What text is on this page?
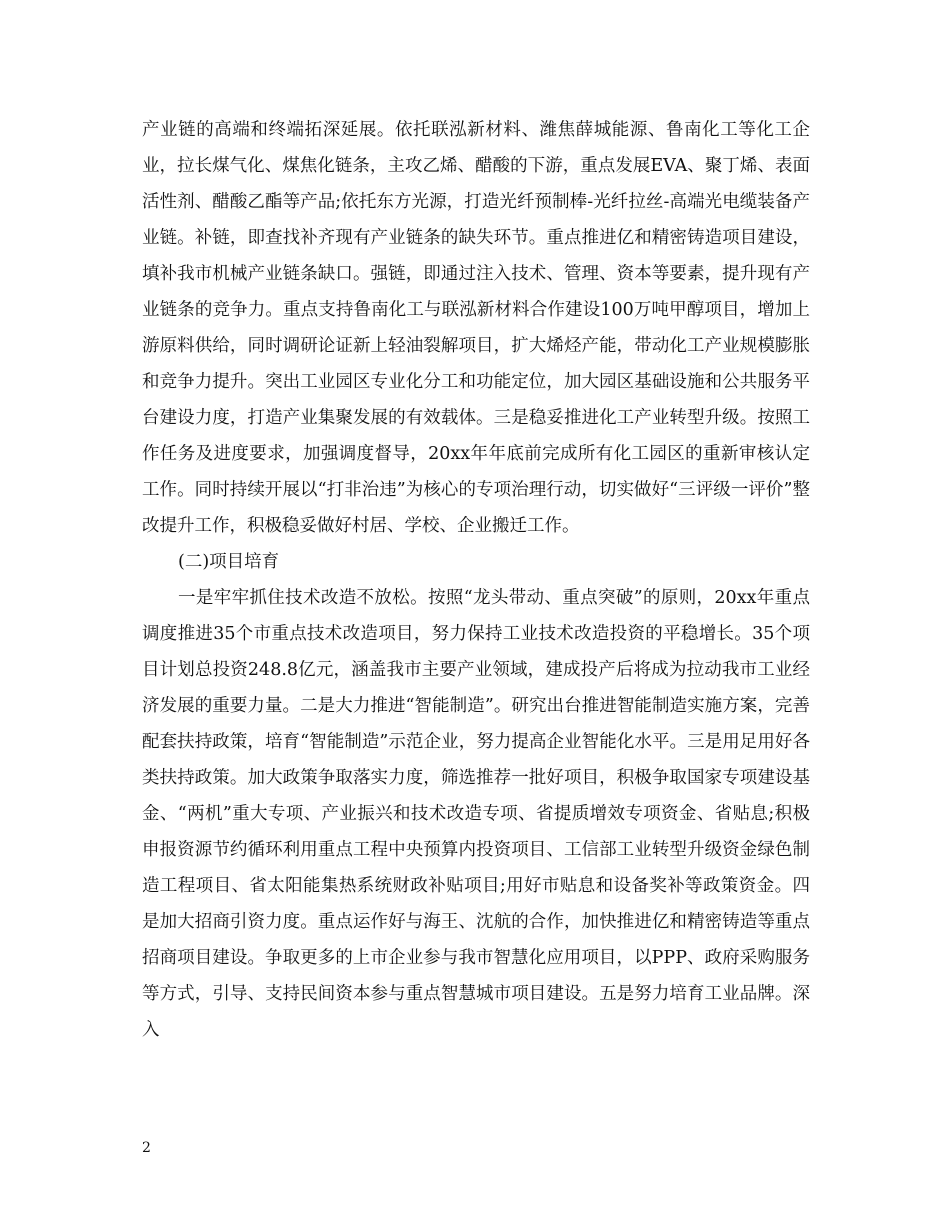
产业链的高端和终端拓深延展。依托联泓新材料、潍焦薛城能源、鲁南化工等化工企业，拉长煤气化、煤焦化链条，主攻乙烯、醋酸的下游，重点发展EVA、聚丁烯、表面活性剂、醋酸乙酯等产品;依托东方光源，打造光纤预制棒-光纤拉丝-高端光电缆装备产业链。补链，即查找补齐现有产业链条的缺失环节。重点推进亿和精密铸造项目建设，填补我市机械产业链条缺口。强链，即通过注入技术、管理、资本等要素，提升现有产业链条的竞争力。重点支持鲁南化工与联泓新材料合作建设100万吨甲醇项目，增加上游原料供给，同时调研论证新上轻油裂解项目，扩大烯烃产能，带动化工产业规模膨胀和竞争力提升。突出工业园区专业化分工和功能定位，加大园区基础设施和公共服务平台建设力度，打造产业集聚发展的有效载体。三是稳妥推进化工产业转型升级。按照工作任务及进度要求，加强调度督导，20xx年年底前完成所有化工园区的重新审核认定工作。同时持续开展以“打非治违”为核心的专项治理行动，切实做好“三评级一评价”整改提升工作，积极稳妥做好村居、学校、企业搬迁工作。

(二)项目培育

一是牢牢抓住技术改造不放松。按照“龙头带动、重点突破”的原则，20xx年重点调度推进35个市重点技术改造项目，努力保持工业技术改造投资的平稳增长。35个项目计划总投资248.8亿元，涵盖我市主要产业领域，建成投产后将成为拉动我市工业经济发展的重要力量。二是大力推进“智能制造”。研究出台推进智能制造实施方案，完善配套扶持政策，培育“智能制造”示范企业，努力提高企业智能化水平。三是用足用好各类扶持政策。加大政策争取落实力度，筛选推荐一批好项目，积极争取国家专项建设基金、“两机”重大专项、产业振兴和技术改造专项、省提质增效专项资金、省贴息;积极申报资源节约循环利用重点工程中央预算内投资项目、工信部工业转型升级资金绿色制造工程项目、省太阳能集热系统财政补贴项目;用好市贴息和设备奖补等政策资金。四是加大招商引资力度。重点运作好与海王、沈航的合作，加快推进亿和精密铸造等重点招商项目建设。争取更多的上市企业参与我市智慧化应用项目，以PPP、政府采购服务等方式，引导、支持民间资本参与重点智慧城市项目建设。五是努力培育工业品牌。深入

2
